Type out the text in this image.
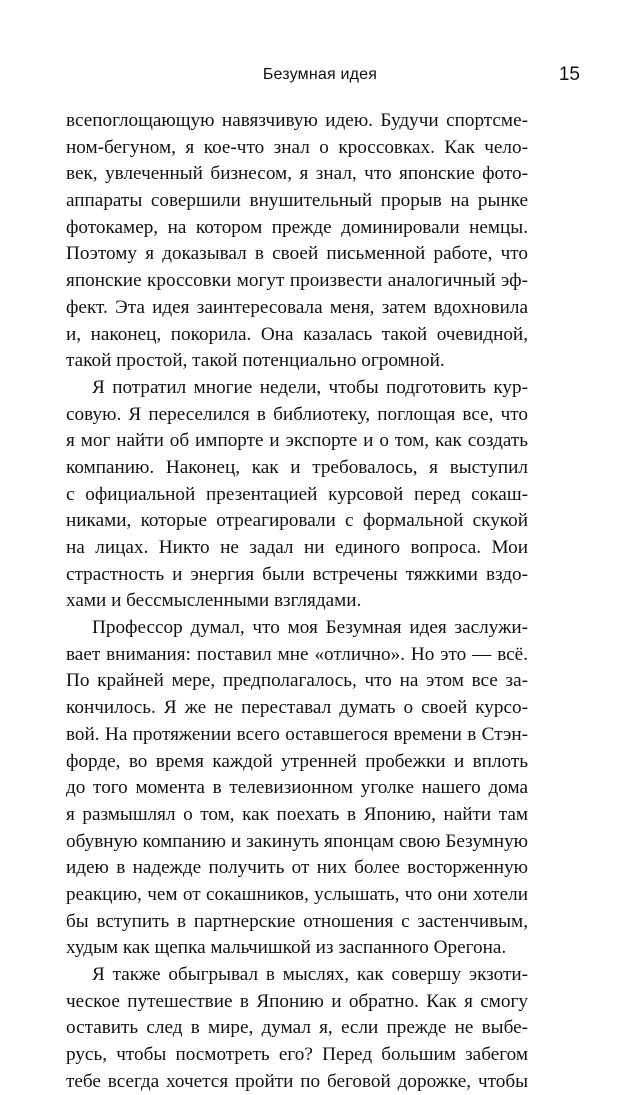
Безумная идея	15
всепоглощающую навязчивую идею. Будучи спортсме-
ном-бегуном, я кое-что знал о кроссовках. Как чело-
век, увлеченный бизнесом, я знал, что японские фото-
аппараты совершили внушительный прорыв на рынке
фотокамер, на котором прежде доминировали немцы.
Поэтому я доказывал в своей письменной работе, что
японские кроссовки могут произвести аналогичный эф-
фект. Эта идея заинтересовала меня, затем вдохновила
и, наконец, покорила. Она казалась такой очевидной,
такой простой, такой потенциально огромной.
Я потратил многие недели, чтобы подготовить кур-
совую. Я переселился в библиотеку, поглощая все, что
я мог найти об импорте и экспорте и о том, как создать
компанию. Наконец, как и требовалось, я выступил
с официальной презентацией курсовой перед сокаш-
никами, которые отреагировали с формальной скукой
на лицах. Никто не задал ни единого вопроса. Мои
страстность и энергия были встречены тяжкими вздо-
хами и бессмысленными взглядами.
Профессор думал, что моя Безумная идея заслужи-
вает внимания: поставил мне «отлично». Но это — всё.
По крайней мере, предполагалось, что на этом все за-
кончилось. Я же не переставал думать о своей курсо-
вой. На протяжении всего оставшегося времени в Стэн-
форде, во время каждой утренней пробежки и вплоть
до того момента в телевизионном уголке нашего дома
я размышлял о том, как поехать в Японию, найти там
обувную компанию и закинуть японцам свою Безумную
идею в надежде получить от них более восторженную
реакцию, чем от сокашников, услышать, что они хотели
бы вступить в партнерские отношения с застенчивым,
худым как щепка мальчишкой из заспанного Орегона.
Я также обыгрывал в мыслях, как совершу экзоти-
ческое путешествие в Японию и обратно. Как я смогу
оставить след в мире, думал я, если прежде не выбе-
русь, чтобы посмотреть его? Перед большим забегом
тебе всегда хочется пройти по беговой дорожке, чтобы
